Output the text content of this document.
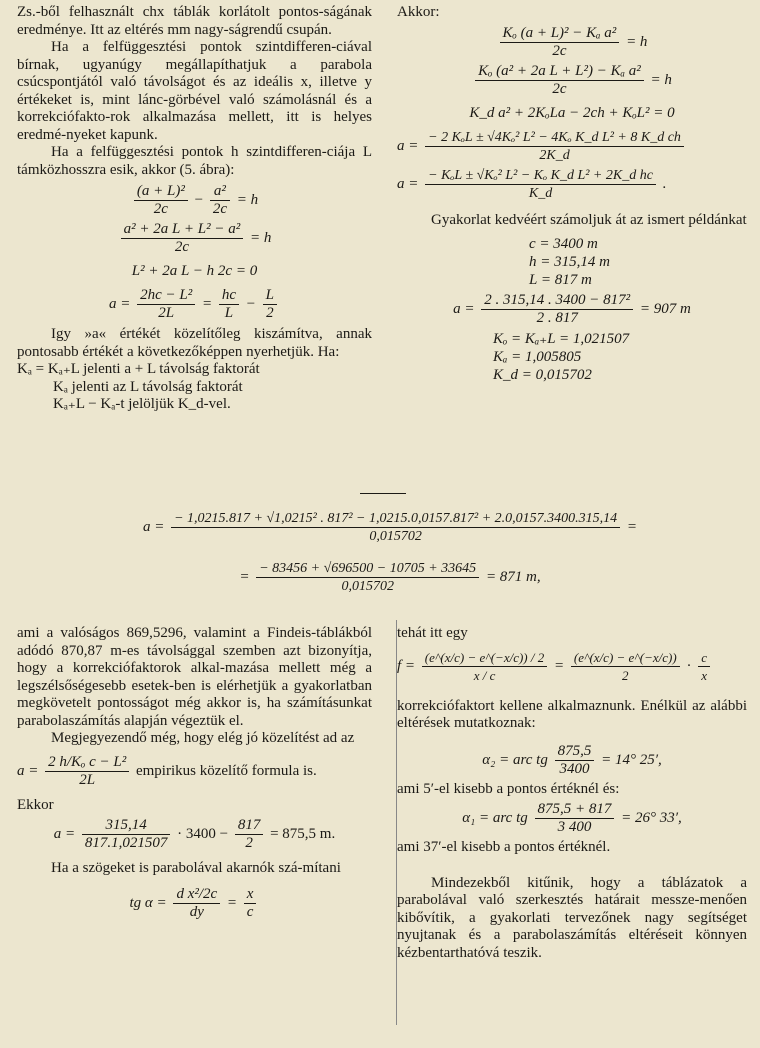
Zs.-ből felhasznált chx táblák korlátolt pontos-ságának eredménye. Itt az eltérés mm nagy-ságrendű csupán.

Ha a felfüggesztési pontok szintdifferen-ciával bírnak, ugyanúgy megállapíthatjuk a parabola csúcspontjától való távolságot és az ideális x, illetve y értékeket is, mint lánc-görbével való számolásnál és a korrekciófakto-rok alkalmazása mellett, itt is helyes eredmé-nyeket kapunk.

Ha a felfüggesztési pontok h szintdifferen-ciája L támközhosszra esik, akkor (5. ábra):

$\frac{\text{(a + L)²}}{2c} - \frac{\text{a²}}{2c} = h$
$\frac{\text{a² + 2a L + L² − a²}}{2c} = h$
L² + 2a L − h 2c = 0
$a = \frac{\text{2hc − L²}}{2L} = \frac{hc}{L} - \frac{L}{2}$

Igy »a« értékét közelítőleg kiszámítva, annak pontosabb értékét a következőképpen nyerhetjük. Ha:

Kₐ = Kₐ₊L jelenti a + L távolság faktorát

Kₐ jelenti az L távolság faktorát

Kₐ₊L − Kₐ-t jelöljük K_d-vel.

Akkor:

$\frac{\text{Kₒ (a + L)² − Kₐ a²}}{2c} = h$
$\frac{\text{Kₒ (a² + 2a L + L²) − Kₐ a²}}{2c} = h$
K_d a² + 2KₒLa − 2ch + KₒL² = 0
$a = \frac{\text{− 2 KₒL ± √4Kₒ² L² − 4Kₒ K\_d L² + 8 K\_d ch}}{2K\_d}$
$a = \frac{\text{− KₒL ± √Kₒ² L² − Kₒ K\_d L² + 2K\_d hc}}{K\_d}$ .

Gyakorlat kedvéért számoljuk át az ismert példánkat

c = 3400 m
h = 315,14 m
L = 817 m
$a = \frac{\text{2 . 315,14 . 3400 − 817²}}{2 . 817} = 907$ m
Kₒ = Kₐ₊L = 1,021507
Kₐ = 1,005805
K_d = 0,015702
a =
− 1,0215.817 + √1,0215² . 817² − 1,0215.0,0157.817² + 2.0,0157.3400.315,14
0,015702
=
= $\frac{- 83456 + √696500 - 10705 + 33645}{0,015702} = 871$ m,

ami a valóságos 869,5296, valamint a Findeis-táblákból adódó 870,87 m-es távolsággal szemben azt bizonyítja, hogy a korrekciófaktorok alkal-mazása mellett még a legszélsőségesebb esetek-ben is elérhetjük a gyakorlatban megkövetelt pontosságot még akkor is, ha számításunkat parabolaszámítás alapján végeztük el.

Megjegyezendő még, hogy elég jó közelítést ad az

$a = \frac{\text{2 h/Kₒ c − L²}}{2L}$ empirikus közelítő formula is.

Ekkor

$a = \frac{315,14}{817.1,021507} \cdot 3400 - \frac{817}{2} = 875,5$ m.

Ha a szögeket is parabolával akarnók szá-mítani

tg $\alpha = \frac{\text{d x²/2c}}{dy} = \frac{x}{c}$

tehát itt egy

$f = \frac{(e\^{}(x/c) - e\^{}(-x/c)) / 2}{x / c} = \frac{(e\^{}(x/c) - e\^{}(-x/c))}{2} \cdot \frac{c}{x}$

korrekciófaktort kellene alkalmaznunk. Enélkül az alábbi eltérések mutatkoznak:

α₂ = arc tg $\frac{875,5}{3400} = 14^\circ$ 25′,

ami 5′-el kisebb a pontos értéknél és:

α₁ = arc tg $\frac{875,5 + 817}{3 400} = 26^\circ$ 33′,

ami 37′-el kisebb a pontos értéknél.

Mindezekből kitűnik, hogy a táblázatok a parabolával való szerkesztés határait messze-menően kibővítik, a gyakorlati tervezőnek nagy segítséget nyujtanak és a parabolaszámítás eltéréseit könnyen kézbentarthatóvá teszik.
